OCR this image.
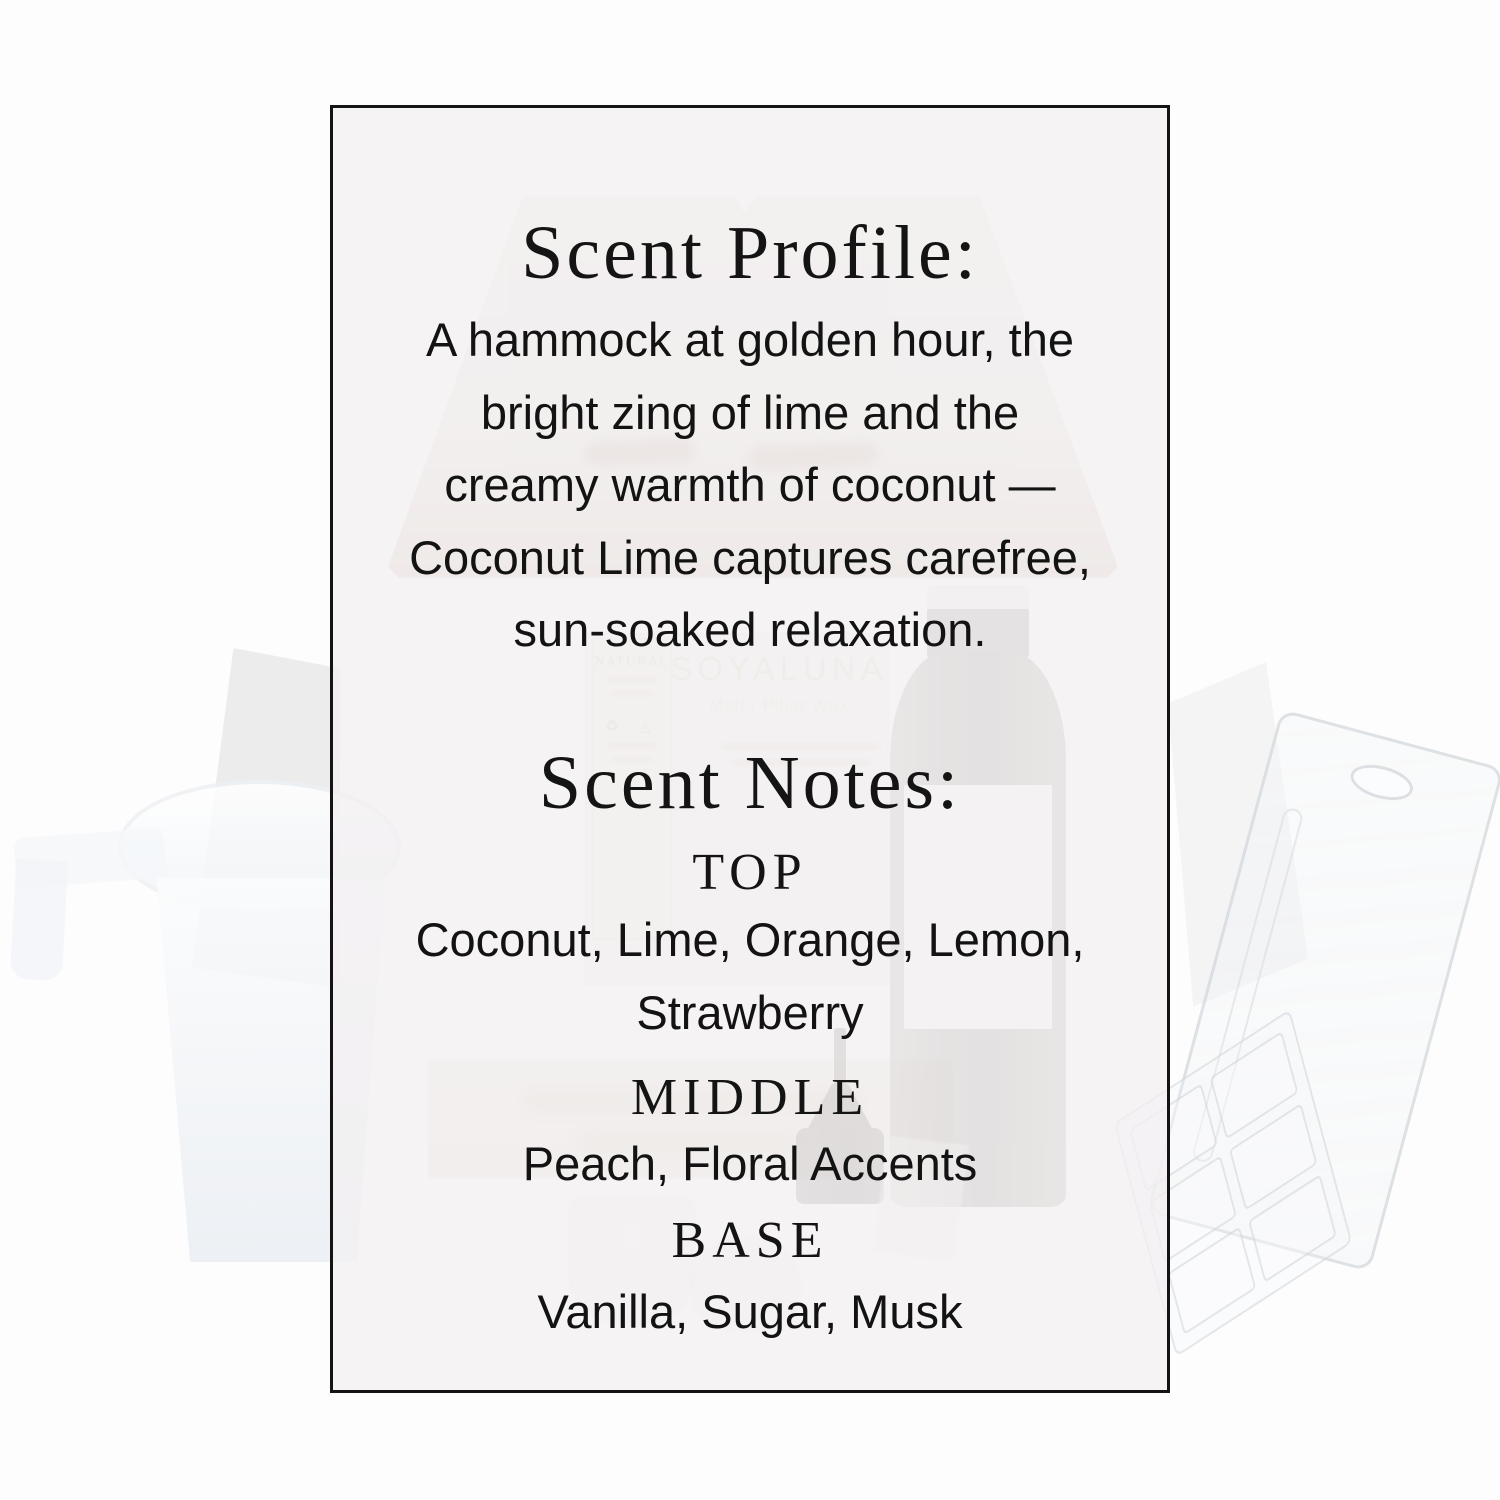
Scent Profile:
A hammock at golden hour, the
bright zing of lime and the
creamy warmth of coconut —
Coconut Lime captures carefree,
sun-soaked relaxation.
Scent Notes:
TOP
Coconut, Lime, Orange, Lemon,
Strawberry
MIDDLE
Peach, Floral Accents
BASE
Vanilla, Sugar, Musk
